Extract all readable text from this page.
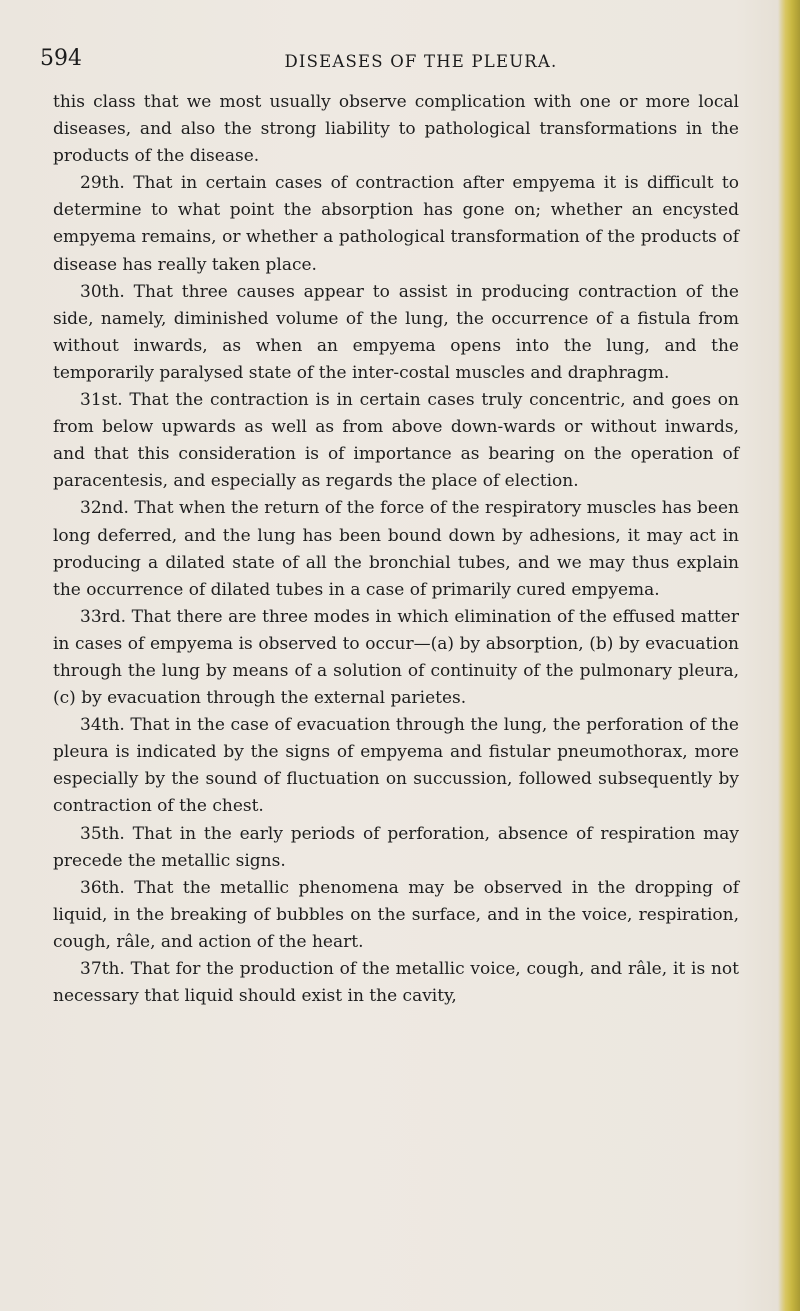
594	DISEASES OF THE PLEURA.

this class that we most usually observe complication with one or more local diseases, and also the strong liability to pathological transformations in the products of the disease.

29th. That in certain cases of contraction after empyema it is difficult to determine to what point the absorption has gone on; whether an encysted empyema remains, or whether a pathological transformation of the products of disease has really taken place.

30th. That three causes appear to assist in producing contraction of the side, namely, diminished volume of the lung, the occurrence of a fistula from without inwards, as when an empyema opens into the lung, and the temporarily paralysed state of the inter-costal muscles and draphragm.

31st. That the contraction is in certain cases truly concentric, and goes on from below upwards as well as from above down-wards or without inwards, and that this consideration is of importance as bearing on the operation of paracentesis, and especially as regards the place of election.

32nd. That when the return of the force of the respiratory muscles has been long deferred, and the lung has been bound down by adhesions, it may act in producing a dilated state of all the bronchial tubes, and we may thus explain the occurrence of dilated tubes in a case of primarily cured empyema.

33rd. That there are three modes in which elimination of the effused matter in cases of empyema is observed to occur—(a) by absorption, (b) by evacuation through the lung by means of a solution of continuity of the pulmonary pleura, (c) by evacuation through the external parietes.

34th. That in the case of evacuation through the lung, the perforation of the pleura is indicated by the signs of empyema and fistular pneumothorax, more especially by the sound of fluctuation on succussion, followed subsequently by contraction of the chest.

35th. That in the early periods of perforation, absence of respiration may precede the metallic signs.

36th. That the metallic phenomena may be observed in the dropping of liquid, in the breaking of bubbles on the surface, and in the voice, respiration, cough, râle, and action of the heart.

37th. That for the production of the metallic voice, cough, and râle, it is not necessary that liquid should exist in the cavity,
